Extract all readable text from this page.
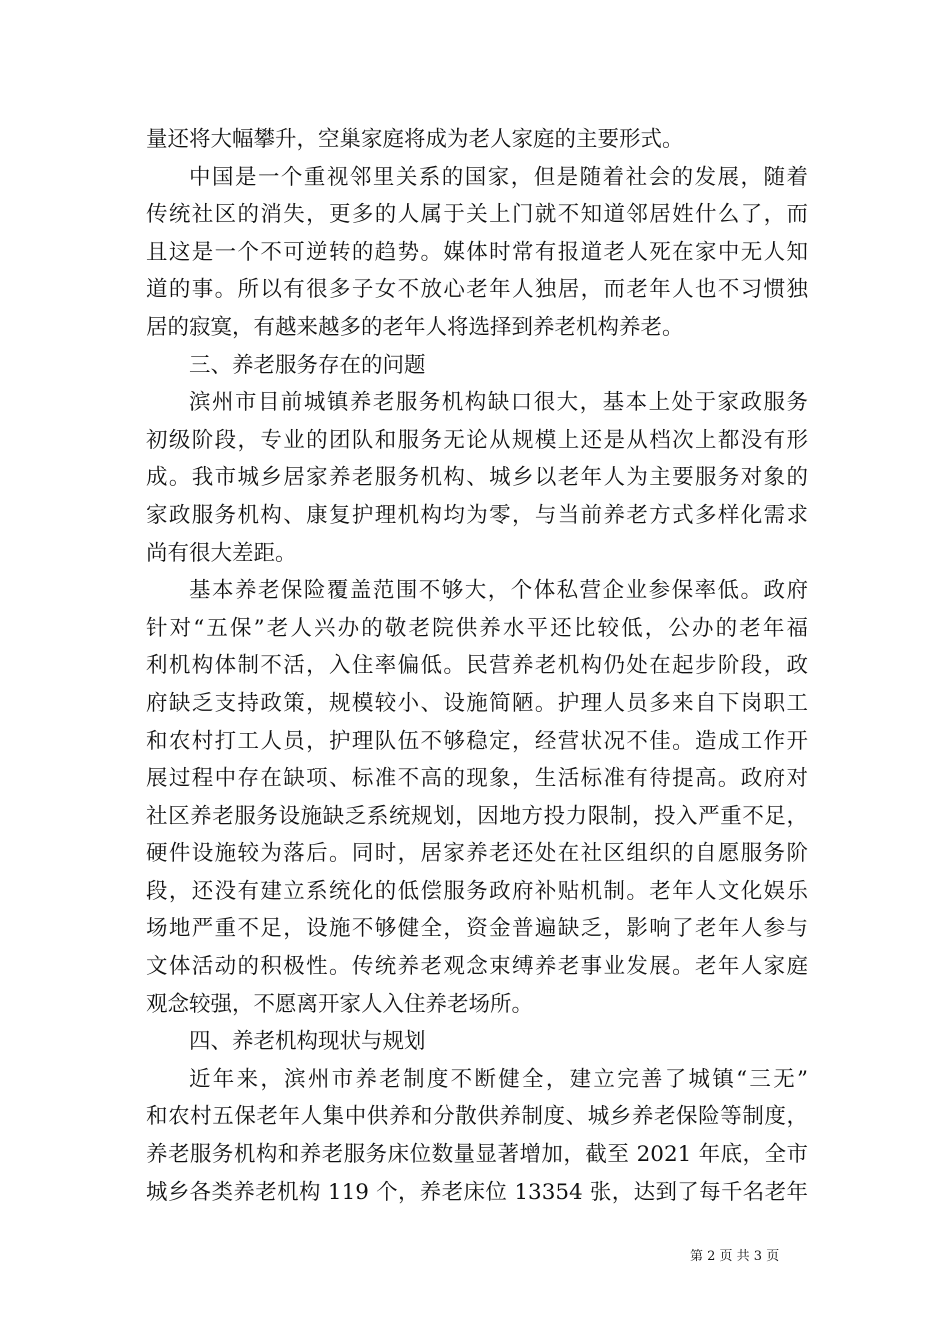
量还将大幅攀升，空巢家庭将成为老人家庭的主要形式。
中国是一个重视邻里关系的国家，但是随着社会的发展，随着
传统社区的消失，更多的人属于关上门就不知道邻居姓什么了，而
且这是一个不可逆转的趋势。媒体时常有报道老人死在家中无人知
道的事。所以有很多子女不放心老年人独居，而老年人也不习惯独
居的寂寞，有越来越多的老年人将选择到养老机构养老。
三、养老服务存在的问题
滨州市目前城镇养老服务机构缺口很大，基本上处于家政服务
初级阶段，专业的团队和服务无论从规模上还是从档次上都没有形
成。我市城乡居家养老服务机构、城乡以老年人为主要服务对象的
家政服务机构、康复护理机构均为零，与当前养老方式多样化需求
尚有很大差距。
基本养老保险覆盖范围不够大，个体私营企业参保率低。政府
针对“五保”老人兴办的敬老院供养水平还比较低，公办的老年福
利机构体制不活，入住率偏低。民营养老机构仍处在起步阶段，政
府缺乏支持政策，规模较小、设施简陋。护理人员多来自下岗职工
和农村打工人员，护理队伍不够稳定，经营状况不佳。造成工作开
展过程中存在缺项、标准不高的现象，生活标准有待提高。政府对
社区养老服务设施缺乏系统规划，因地方投力限制，投入严重不足，
硬件设施较为落后。同时，居家养老还处在社区组织的自愿服务阶
段，还没有建立系统化的低偿服务政府补贴机制。老年人文化娱乐
场地严重不足，设施不够健全，资金普遍缺乏，影响了老年人参与
文体活动的积极性。传统养老观念束缚养老事业发展。老年人家庭
观念较强，不愿离开家人入住养老场所。
四、养老机构现状与规划
近年来，滨州市养老制度不断健全，建立完善了城镇“三无”
和农村五保老年人集中供养和分散供养制度、城乡养老保险等制度，
养老服务机构和养老服务床位数量显著增加，截至 2021 年底，全市
城乡各类养老机构 119 个，养老床位 13354 张，达到了每千名老年
第 2 页 共 3 页
